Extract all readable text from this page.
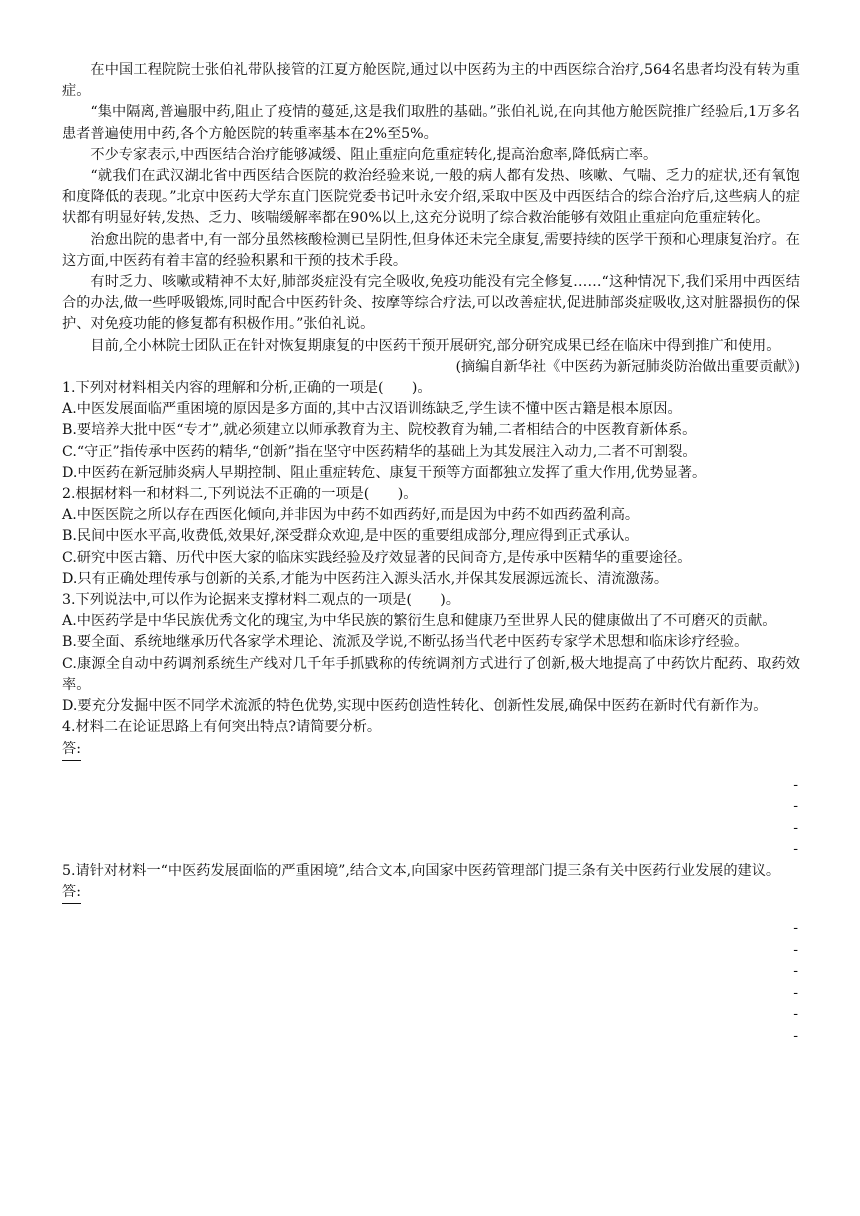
在中国工程院院士张伯礼带队接管的江夏方舱医院,通过以中医药为主的中西医综合治疗,564名患者均没有转为重症。

“集中隔离,普遍服中药,阻止了疫情的蔓延,这是我们取胜的基础。”张伯礼说,在向其他方舱医院推广经验后,1万多名患者普遍使用中药,各个方舱医院的转重率基本在2%至5%。

不少专家表示,中西医结合治疗能够减缓、阻止重症向危重症转化,提高治愈率,降低病亡率。

“就我们在武汉湖北省中西医结合医院的救治经验来说,一般的病人都有发热、咳嗽、气喘、乏力的症状,还有氧饱和度降低的表现。”北京中医药大学东直门医院党委书记叶永安介绍,采取中医及中西医结合的综合治疗后,这些病人的症状都有明显好转,发热、乏力、咳喘缓解率都在90%以上,这充分说明了综合救治能够有效阻止重症向危重症转化。

治愈出院的患者中,有一部分虽然核酸检测已呈阴性,但身体还未完全康复,需要持续的医学干预和心理康复治疗。在这方面,中医药有着丰富的经验积累和干预的技术手段。

有时乏力、咳嗽或精神不太好,肺部炎症没有完全吸收,免疫功能没有完全修复……“这种情况下,我们采用中西医结合的办法,做一些呼吸锻炼,同时配合中医药针灸、按摩等综合疗法,可以改善症状,促进肺部炎症吸收,这对脏器损伤的保护、对免疫功能的修复都有积极作用。”张伯礼说。

目前,仝小林院士团队正在针对恢复期康复的中医药干预开展研究,部分研究成果已经在临床中得到推广和使用。

(摘编自新华社《中医药为新冠肺炎防治做出重要贡献》)

1.下列对材料相关内容的理解和分析,正确的一项是(　　)。

A.中医发展面临严重困境的原因是多方面的,其中古汉语训练缺乏,学生读不懂中医古籍是根本原因。

B.要培养大批中医“专才”,就必须建立以师承教育为主、院校教育为辅,二者相结合的中医教育新体系。

C.“守正”指传承中医药的精华,“创新”指在坚守中医药精华的基础上为其发展注入动力,二者不可割裂。

D.中医药在新冠肺炎病人早期控制、阻止重症转危、康复干预等方面都独立发挥了重大作用,优势显著。

2.根据材料一和材料二,下列说法不正确的一项是(　　)。

A.中医医院之所以存在西医化倾向,并非因为中药不如西药好,而是因为中药不如西药盈利高。

B.民间中医水平高,收费低,效果好,深受群众欢迎,是中医的重要组成部分,理应得到正式承认。

C.研究中医古籍、历代中医大家的临床实践经验及疗效显著的民间奇方,是传承中医精华的重要途径。

D.只有正确处理传承与创新的关系,才能为中医药注入源头活水,并保其发展源远流长、清流激荡。

3.下列说法中,可以作为论据来支撑材料二观点的一项是(　　)。

A.中医药学是中华民族优秀文化的瑰宝,为中华民族的繁衍生息和健康乃至世界人民的健康做出了不可磨灭的贡献。

B.要全面、系统地继承历代各家学术理论、流派及学说,不断弘扬当代老中医药专家学术思想和临床诊疗经验。

C.康源全自动中药调剂系统生产线对几千年手抓戥称的传统调剂方式进行了创新,极大地提高了中药饮片配药、取药效率。

D.要充分发掘中医不同学术流派的特色优势,实现中医药创造性转化、创新性发展,确保中医药在新时代有新作为。

4.材料二在论证思路上有何突出特点?请简要分析。

答:

-
-
-
-

5.请针对材料一“中医药发展面临的严重困境”,结合文本,向国家中医药管理部门提三条有关中医药行业发展的建议。

答:

-
-
-
-
-
-
